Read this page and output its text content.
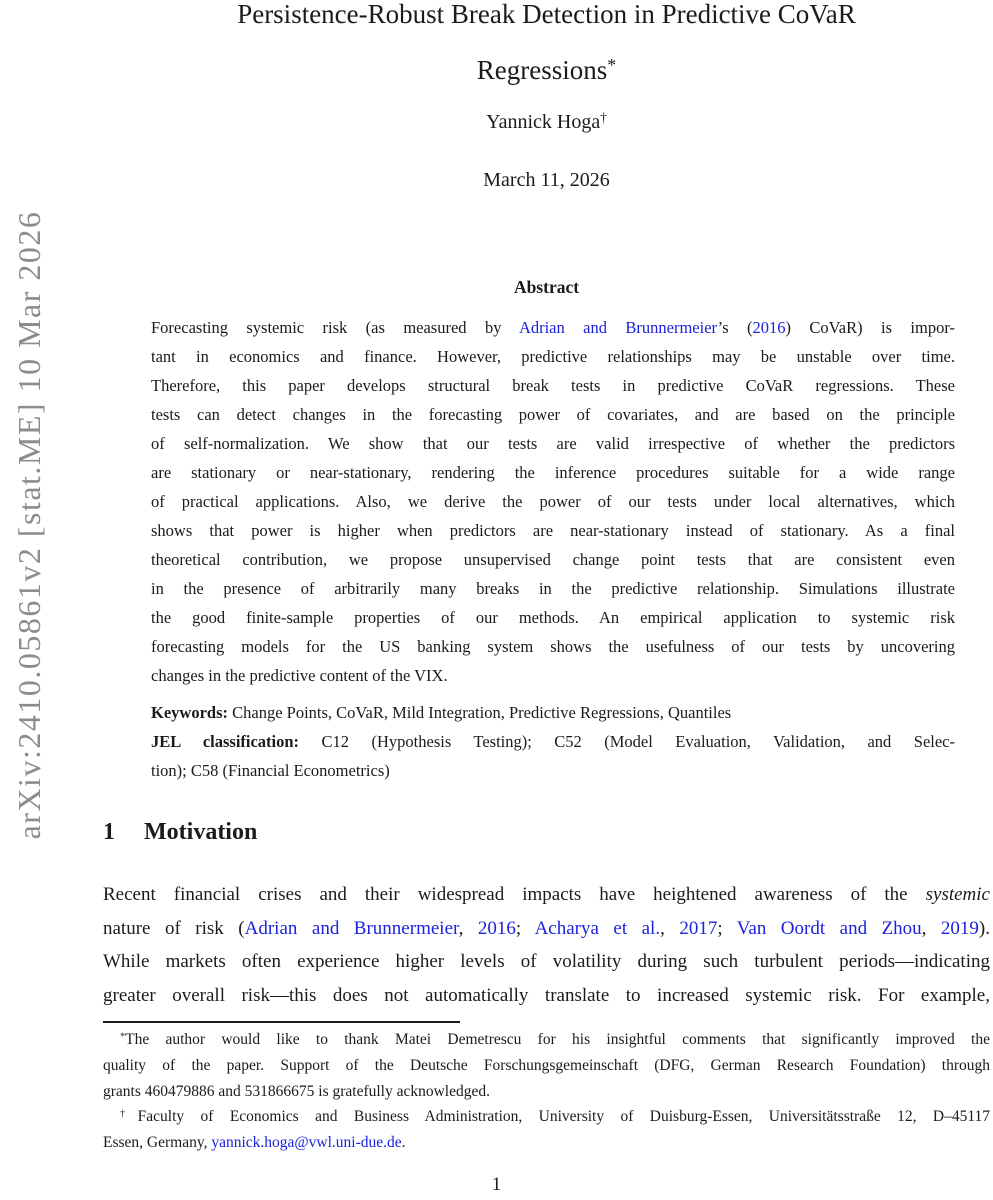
arXiv:2410.05861v2 [stat.ME] 10 Mar 2026
Persistence-Robust Break Detection in Predictive CoVaR
Regressions*
Yannick Hoga†
March 11, 2026
Abstract
Forecasting systemic risk (as measured by Adrian and Brunnermeier’s (2016) CoVaR) is impor-
tant in economics and finance. However, predictive relationships may be unstable over time.
Therefore, this paper develops structural break tests in predictive CoVaR regressions. These
tests can detect changes in the forecasting power of covariates, and are based on the principle
of self-normalization. We show that our tests are valid irrespective of whether the predictors
are stationary or near-stationary, rendering the inference procedures suitable for a wide range
of practical applications. Also, we derive the power of our tests under local alternatives, which
shows that power is higher when predictors are near-stationary instead of stationary. As a final
theoretical contribution, we propose unsupervised change point tests that are consistent even
in the presence of arbitrarily many breaks in the predictive relationship. Simulations illustrate
the good finite-sample properties of our methods. An empirical application to systemic risk
forecasting models for the US banking system shows the usefulness of our tests by uncovering
changes in the predictive content of the VIX.
Keywords: Change Points, CoVaR, Mild Integration, Predictive Regressions, Quantiles
JEL classification: C12 (Hypothesis Testing); C52 (Model Evaluation, Validation, and Selec-
tion); C58 (Financial Econometrics)
1 Motivation
Recent financial crises and their widespread impacts have heightened awareness of the systemic
nature of risk (Adrian and Brunnermeier, 2016; Acharya et al., 2017; Van Oordt and Zhou, 2019).
While markets often experience higher levels of volatility during such turbulent periods—indicating
greater overall risk—this does not automatically translate to increased systemic risk. For example,
*The author would like to thank Matei Demetrescu for his insightful comments that significantly improved the
quality of the paper. Support of the Deutsche Forschungsgemeinschaft (DFG, German Research Foundation) through
grants 460479886 and 531866675 is gratefully acknowledged.
†Faculty of Economics and Business Administration, University of Duisburg-Essen, Universitätsstraße 12, D–45117
Essen, Germany, yannick.hoga@vwl.uni-due.de.
1
